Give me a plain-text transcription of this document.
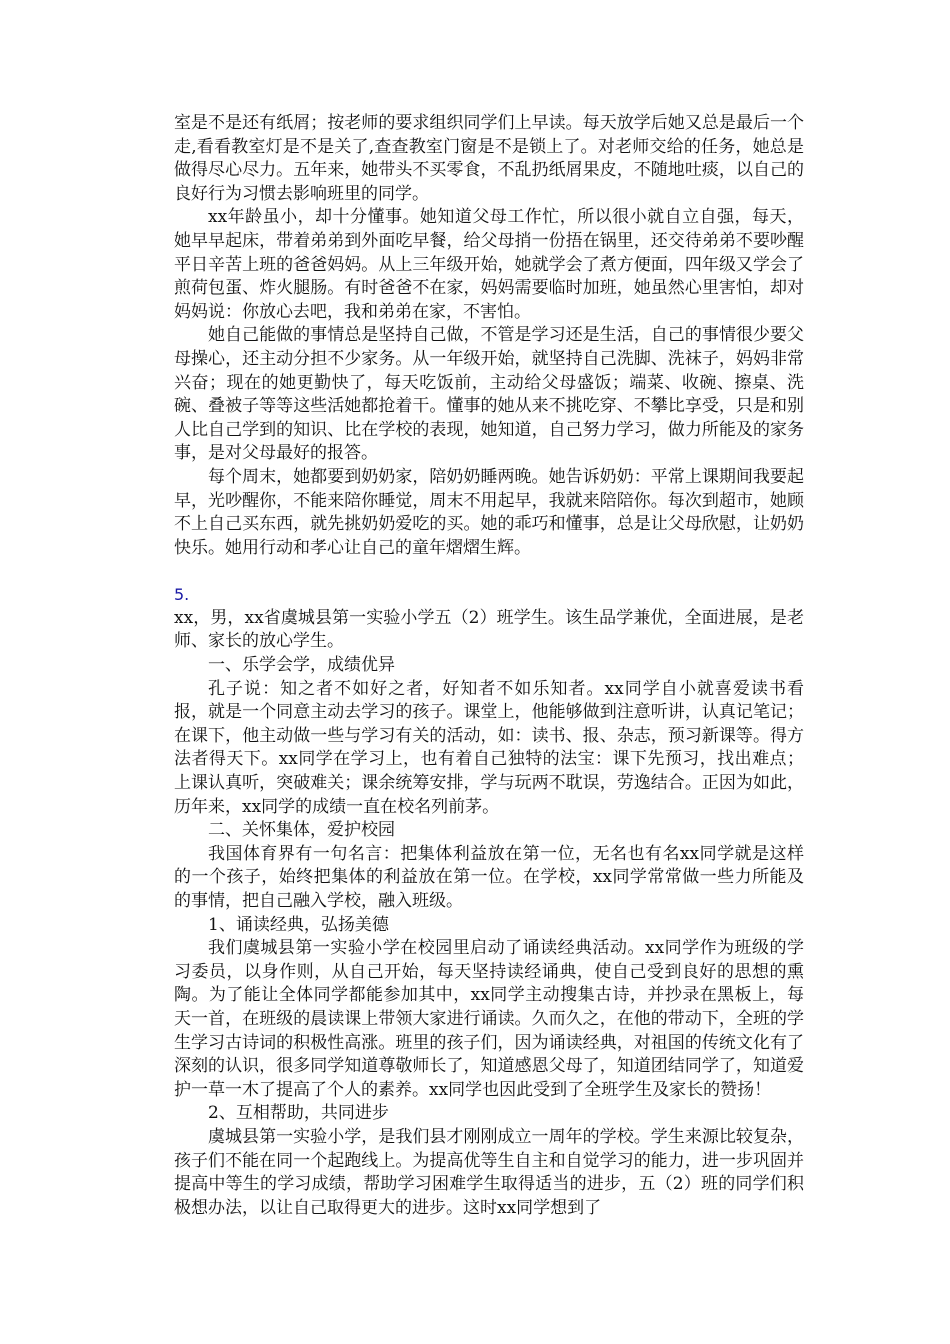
室是不是还有纸屑；按老师的要求组织同学们上早读。每天放学后她又总是最后一个走,看看教室灯是不是关了,查查教室门窗是不是锁上了。对老师交给的任务，她总是做得尽心尽力。五年来，她带头不买零食，不乱扔纸屑果皮，不随地吐痰，以自己的良好行为习惯去影响班里的同学。

xx年龄虽小，却十分懂事。她知道父母工作忙，所以很小就自立自强，每天，她早早起床，带着弟弟到外面吃早餐，给父母捎一份捂在锅里，还交待弟弟不要吵醒平日辛苦上班的爸爸妈妈。从上三年级开始，她就学会了煮方便面，四年级又学会了煎荷包蛋、炸火腿肠。有时爸爸不在家，妈妈需要临时加班，她虽然心里害怕，却对妈妈说：你放心去吧，我和弟弟在家，不害怕。

她自己能做的事情总是坚持自己做，不管是学习还是生活，自己的事情很少要父母操心，还主动分担不少家务。从一年级开始，就坚持自己洗脚、洗袜子，妈妈非常兴奋；现在的她更勤快了，每天吃饭前，主动给父母盛饭；端菜、收碗、擦桌、洗碗、叠被子等等这些活她都抢着干。懂事的她从来不挑吃穿、不攀比享受，只是和别人比自己学到的知识、比在学校的表现，她知道，自己努力学习，做力所能及的家务事，是对父母最好的报答。

每个周末，她都要到奶奶家，陪奶奶睡两晚。她告诉奶奶：平常上课期间我要起早，光吵醒你，不能来陪你睡觉，周末不用起早，我就来陪陪你。每次到超市，她顾不上自己买东西，就先挑奶奶爱吃的买。她的乖巧和懂事，总是让父母欣慰，让奶奶快乐。她用行动和孝心让自己的童年熠熠生辉。

5.

xx，男，xx省虞城县第一实验小学五（2）班学生。该生品学兼优，全面进展，是老师、家长的放心学生。

一、乐学会学，成绩优异

孔子说：知之者不如好之者，好知者不如乐知者。xx同学自小就喜爱读书看报，就是一个同意主动去学习的孩子。课堂上，他能够做到注意听讲，认真记笔记；在课下，他主动做一些与学习有关的活动，如：读书、报、杂志，预习新课等。得方法者得天下。xx同学在学习上，也有着自己独特的法宝：课下先预习，找出难点；上课认真听，突破难关；课余统筹安排，学与玩两不耽误，劳逸结合。正因为如此，历年来，xx同学的成绩一直在校名列前茅。

二、关怀集体，爱护校园

我国体育界有一句名言：把集体利益放在第一位，无名也有名xx同学就是这样的一个孩子，始终把集体的利益放在第一位。在学校，xx同学常常做一些力所能及的事情，把自己融入学校，融入班级。

1、诵读经典，弘扬美德

我们虞城县第一实验小学在校园里启动了诵读经典活动。xx同学作为班级的学习委员，以身作则，从自己开始，每天坚持读经诵典，使自己受到良好的思想的熏陶。为了能让全体同学都能参加其中，xx同学主动搜集古诗，并抄录在黑板上，每天一首，在班级的晨读课上带领大家进行诵读。久而久之，在他的带动下，全班的学生学习古诗词的积极性高涨。班里的孩子们，因为诵读经典，对祖国的传统文化有了深刻的认识，很多同学知道尊敬师长了，知道感恩父母了，知道团结同学了，知道爱护一草一木了提高了个人的素养。xx同学也因此受到了全班学生及家长的赞扬！

2、互相帮助，共同进步

虞城县第一实验小学，是我们县才刚刚成立一周年的学校。学生来源比较复杂，孩子们不能在同一个起跑线上。为提高优等生自主和自觉学习的能力，进一步巩固并提高中等生的学习成绩，帮助学习困难学生取得适当的进步，五（2）班的同学们积极想办法，以让自己取得更大的进步。这时xx同学想到了
